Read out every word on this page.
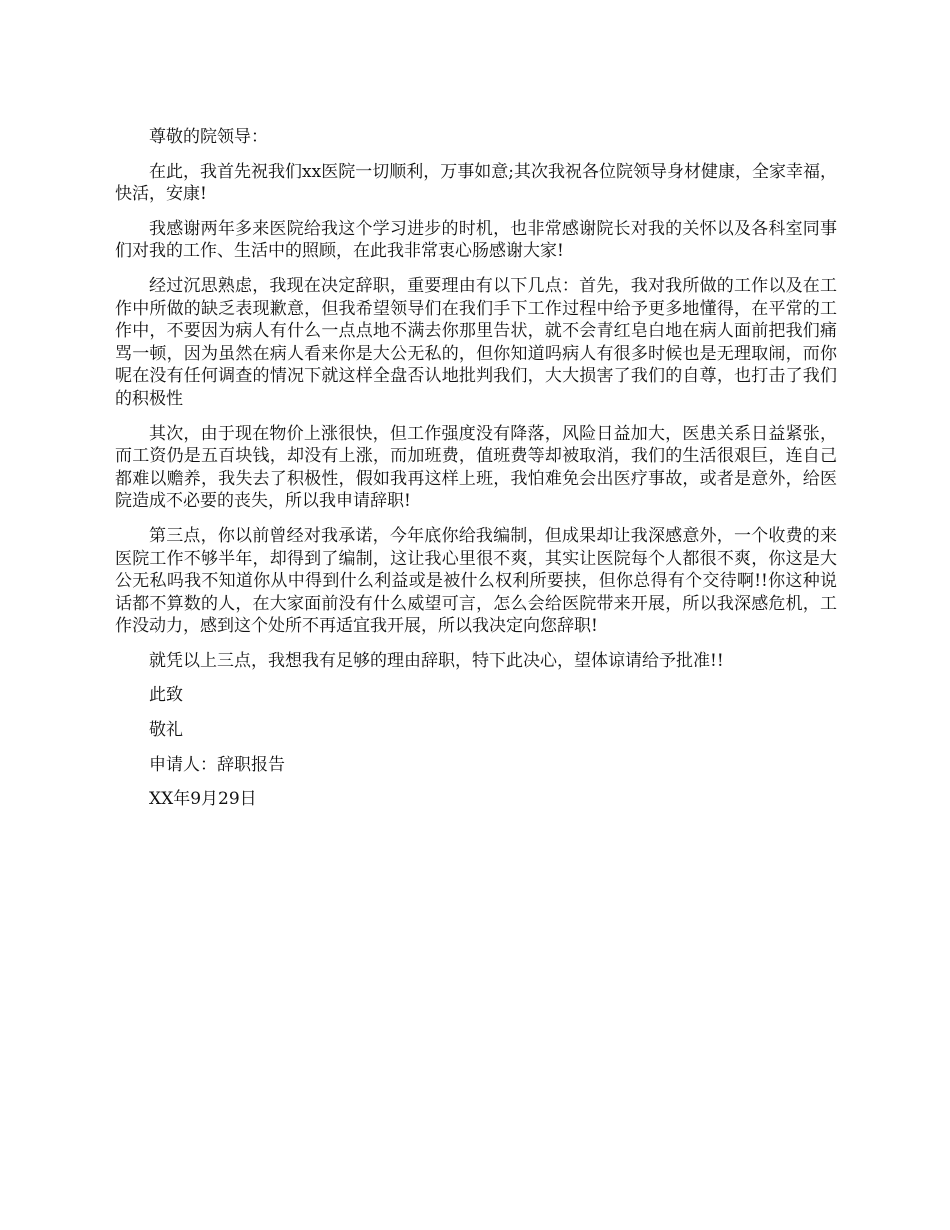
尊敬的院领导：

在此，我首先祝我们xx医院一切顺利，万事如意;其次我祝各位院领导身材健康，全家幸福，快活，安康!

我感谢两年多来医院给我这个学习进步的时机，也非常感谢院长对我的关怀以及各科室同事们对我的工作、生活中的照顾，在此我非常衷心肠感谢大家!

经过沉思熟虑，我现在决定辞职，重要理由有以下几点：首先，我对我所做的工作以及在工作中所做的缺乏表现歉意，但我希望领导们在我们手下工作过程中给予更多地懂得，在平常的工作中，不要因为病人有什么一点点地不满去你那里告状，就不会青红皂白地在病人面前把我们痛骂一顿，因为虽然在病人看来你是大公无私的，但你知道吗病人有很多时候也是无理取闹，而你呢在没有任何调查的情况下就这样全盘否认地批判我们，大大损害了我们的自尊，也打击了我们的积极性

其次，由于现在物价上涨很快，但工作强度没有降落，风险日益加大，医患关系日益紧张，而工资仍是五百块钱，却没有上涨，而加班费，值班费等却被取消，我们的生活很艰巨，连自己都难以赡养，我失去了积极性，假如我再这样上班，我怕难免会出医疗事故，或者是意外，给医院造成不必要的丧失，所以我申请辞职!

第三点，你以前曾经对我承诺，今年底你给我编制，但成果却让我深感意外，一个收费的来医院工作不够半年，却得到了编制，这让我心里很不爽，其实让医院每个人都很不爽，你这是大公无私吗我不知道你从中得到什么利益或是被什么权利所要挟，但你总得有个交待啊!!你这种说话都不算数的人，在大家面前没有什么威望可言，怎么会给医院带来开展，所以我深感危机，工作没动力，感到这个处所不再适宜我开展，所以我决定向您辞职!

就凭以上三点，我想我有足够的理由辞职，特下此决心，望体谅请给予批准!!

此致

敬礼

申请人：辞职报告

XX年9月29日
